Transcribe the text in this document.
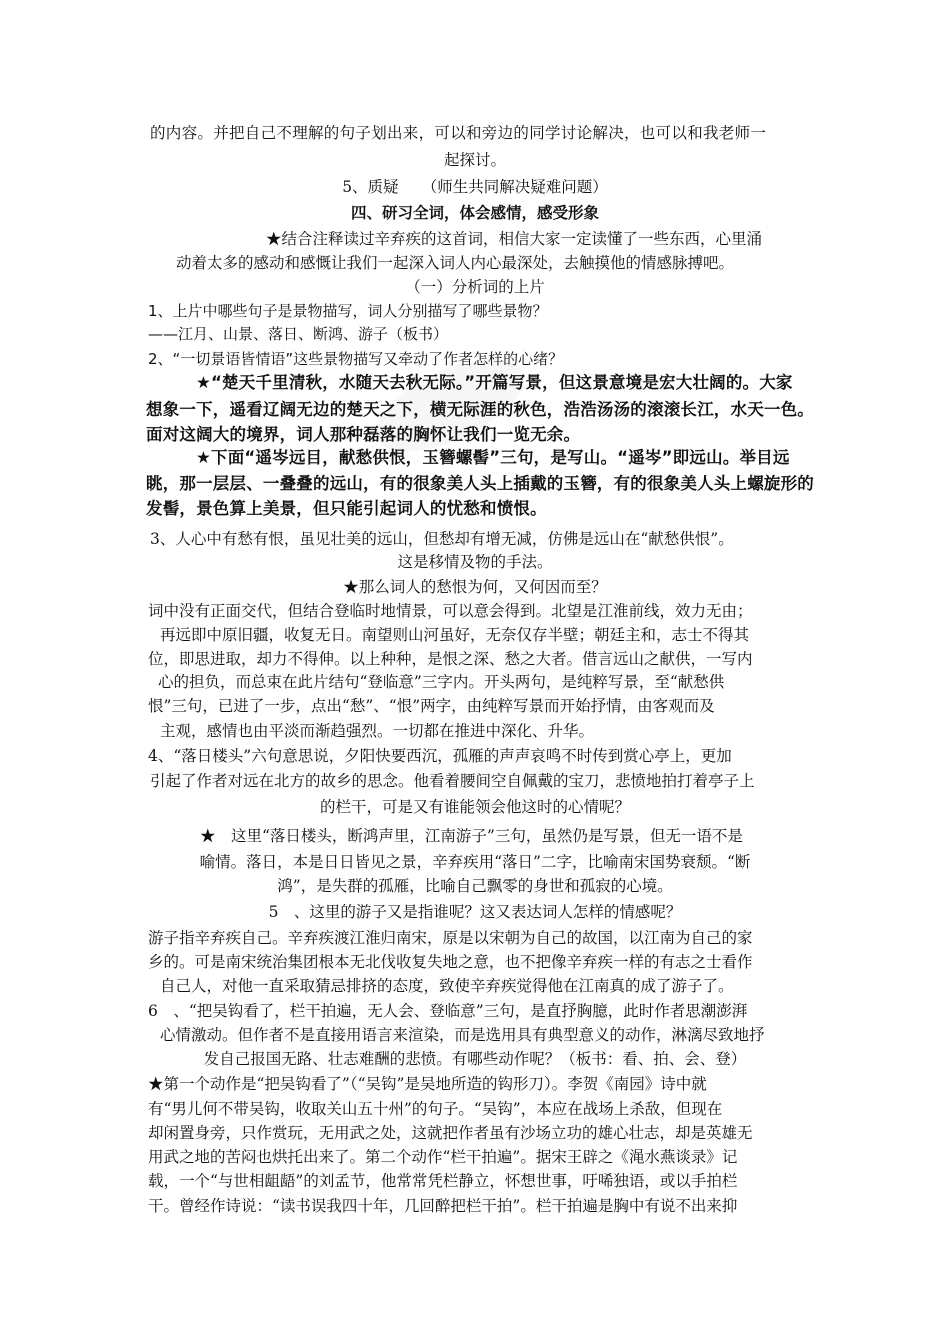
的内容。并把自己不理解的句子划出来，可以和旁边的同学讨论解决，也可以和我老师一
起探讨。
5、质疑　　（师生共同解决疑难问题）
四、研习全词，体会感情，感受形象
★结合注释读过辛弃疾的这首词，相信大家一定读懂了一些东西，心里涌
动着太多的感动和感慨让我们一起深入词人内心最深处，去触摸他的情感脉搏吧。
（一）分析词的上片
1、上片中哪些句子是景物描写，词人分别描写了哪些景物？
——江月、山景、落日、断鸿、游子（板书）
2、“一切景语皆情语”这些景物描写又牵动了作者怎样的心绪？
★“楚天千里清秋，水随天去秋无际。”开篇写景，但这景意境是宏大壮阔的。大家
想象一下，遥看辽阔无边的楚天之下，横无际涯的秋色，浩浩汤汤的滚滚长江，水天一色。
面对这阔大的境界，词人那种磊落的胸怀让我们一览无余。
★下面“遥岑远目，献愁供恨，玉簪螺髻”三句，是写山。“遥岑”即远山。举目远
眺，那一层层、一叠叠的远山，有的很象美人头上插戴的玉簪，有的很象美人头上螺旋形的
发髻，景色算上美景，但只能引起词人的忧愁和愤恨。
3、人心中有愁有恨，虽见壮美的远山，但愁却有增无减，仿佛是远山在“献愁供恨”。
这是移情及物的手法。
★那么词人的愁恨为何，又何因而至？
词中没有正面交代，但结合登临时地情景，可以意会得到。北望是江淮前线，效力无由；
再远即中原旧疆，收复无日。南望则山河虽好，无奈仅存半壁；朝廷主和，志士不得其
位，即思进取，却力不得伸。以上种种，是恨之深、愁之大者。借言远山之献供，一写内
心的担负，而总束在此片结句“登临意”三字内。开头两句，是纯粹写景，至“献愁供
恨”三句，已进了一步，点出“愁”、“恨”两字，由纯粹写景而开始抒情，由客观而及
主观，感情也由平淡而渐趋强烈。一切都在推进中深化、升华。
4、“落日楼头”六句意思说，夕阳快要西沉，孤雁的声声哀鸣不时传到赏心亭上，更加
引起了作者对远在北方的故乡的思念。他看着腰间空自佩戴的宝刀，悲愤地拍打着亭子上
的栏干，可是又有谁能领会他这时的心情呢？
★　这里“落日楼头，断鸿声里，江南游子”三句，虽然仍是写景，但无一语不是
喻情。落日，本是日日皆见之景，辛弃疾用“落日”二字，比喻南宋国势衰颓。“断
鸿”，是失群的孤雁，比喻自己飘零的身世和孤寂的心境。
5　、这里的游子又是指谁呢？这又表达词人怎样的情感呢？
游子指辛弃疾自己。辛弃疾渡江淮归南宋，原是以宋朝为自己的故国，以江南为自己的家
乡的。可是南宋统治集团根本无北伐收复失地之意，也不把像辛弃疾一样的有志之士看作
自己人，对他一直采取猜忌排挤的态度，致使辛弃疾觉得他在江南真的成了游子了。
6　、“把吴钩看了，栏干拍遍，无人会、登临意”三句，是直抒胸臆，此时作者思潮澎湃
心情激动。但作者不是直接用语言来渲染，而是选用具有典型意义的动作，淋漓尽致地抒
发自己报国无路、壮志难酬的悲愤。有哪些动作呢？（板书：看、拍、会、登）
★第一个动作是“把吴钩看了”（“吴钩”是吴地所造的钩形刀）。李贺《南园》诗中就
有“男儿何不带吴钩，收取关山五十州”的句子。“吴钩”，本应在战场上杀敌，但现在
却闲置身旁，只作赏玩，无用武之处，这就把作者虽有沙场立功的雄心壮志，却是英雄无
用武之地的苦闷也烘托出来了。第二个动作“栏干拍遍”。据宋王辟之《渑水燕谈录》记
载，一个“与世相龃龉”的刘孟节，他常常凭栏静立，怀想世事，吁唏独语，或以手拍栏
干。曾经作诗说：“读书误我四十年，几回醉把栏干拍”。栏干拍遍是胸中有说不出来抑
